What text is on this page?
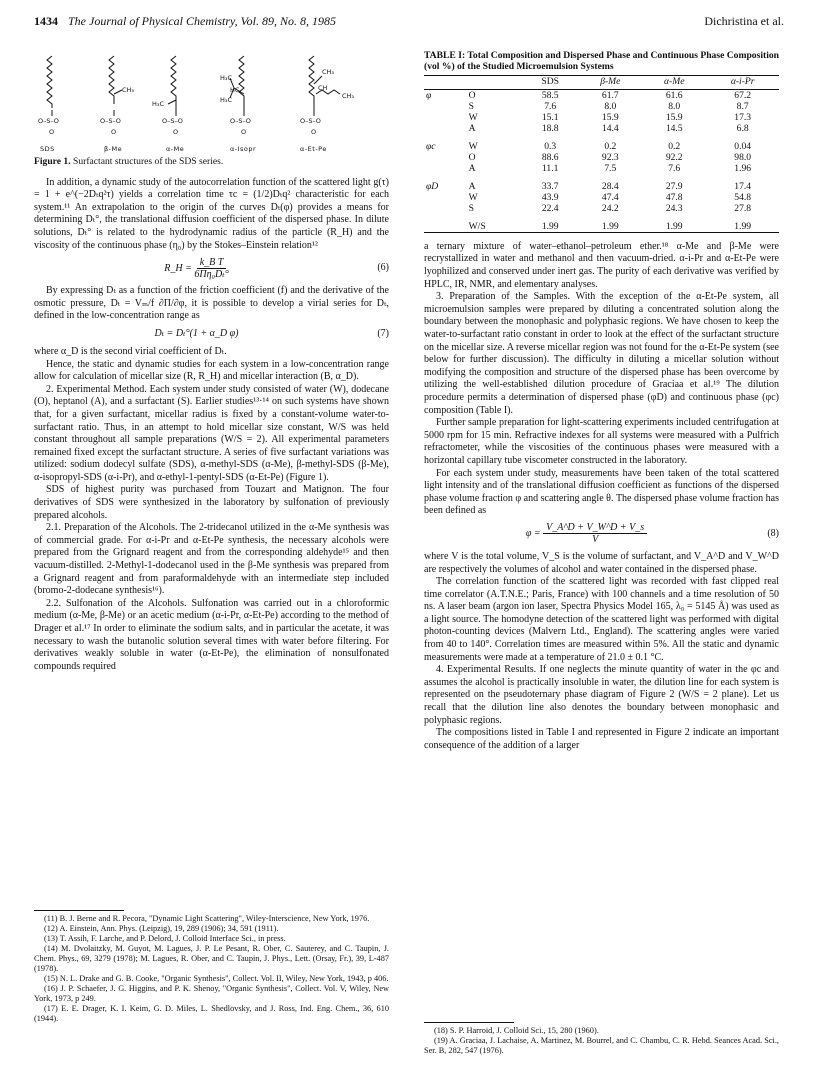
1434 The Journal of Physical Chemistry, Vol. 89, No. 8, 1985	Dichristina et al.
CH₃
H₃C
H₃C
HC
H₃C
CH₃
CH
CH₃
O–S–O	O–S–O	O–S–O	O–S–O	O–S–O
O	O	O	O	O
SDS	β-Me	α-Me	α-Isopr	α-Et-Pe

Figure 1. Surfactant structures of the SDS series.

In addition, a dynamic study of the autocorrelation function of the scattered light g(τ) = 1 + e^(−2Dₜq²τ) yields a correlation time τc = (1/2)Dₜq² characteristic for each system.¹¹ An extrapolation to the origin of the curves Dₜ(φ) provides a means for determining Dₜ°, the translational diffusion coefficient of the dispersed phase. In dilute solutions, Dₜ° is related to the hydrodynamic radius of the particle (R_H) and the viscosity of the continuous phase (η₀) by the Stokes–Einstein relation¹²

R_H = $\frac{\text{k\_B T}}{\text{6Πη₀Dₜ°}}$	(6)

By expressing Dₜ as a function of the friction coefficient (f) and the derivative of the osmotic pressure, Dₜ = Vₘ/f ∂Π/∂φ, it is possible to develop a virial series for Dₜ, defined in the low-concentration range as

Dₜ = Dₜ°(1 + α_D φ)	(7)

where α_D is the second virial coefficient of Dₜ.

Hence, the static and dynamic studies for each system in a low-concentration range allow for calculation of micellar size (R, R_H) and micellar interaction (B, α_D).

2. Experimental Method. Each system under study consisted of water (W), dodecane (O), heptanol (A), and a surfactant (S). Earlier studies¹³·¹⁴ on such systems have shown that, for a given surfactant, micellar radius is fixed by a constant-volume water-to-surfactant ratio. Thus, in an attempt to hold micellar size constant, W/S was held constant throughout all sample preparations (W/S = 2). All experimental parameters remained fixed except the surfactant structure. A series of five surfactant variations was utilized: sodium dodecyl sulfate (SDS), α-methyl-SDS (α-Me), β-methyl-SDS (β-Me), α-isopropyl-SDS (α-i-Pr), and α-ethyl-1-pentyl-SDS (α-Et-Pe) (Figure 1).

SDS of highest purity was purchased from Touzart and Matignon. The four derivatives of SDS were synthesized in the laboratory by sulfonation of previously prepared alcohols.

2.1. Preparation of the Alcohols. The 2-tridecanol utilized in the α-Me synthesis was of commercial grade. For α-i-Pr and α-Et-Pe synthesis, the necessary alcohols were prepared from the Grignard reagent and from the corresponding aldehyde¹⁵ and then vacuum-distilled. 2-Methyl-1-dodecanol used in the β-Me synthesis was prepared from a Grignard reagent and from paraformaldehyde with an intermediate step included (bromo-2-dodecane synthesis¹⁶).

2.2. Sulfonation of the Alcohols. Sulfonation was carried out in a chloroformic medium (α-Me, β-Me) or an acetic medium (α-i-Pr, α-Et-Pe) according to the method of Drager et al.¹⁷ In order to eliminate the sodium salts, and in particular the acetate, it was necessary to wash the butanolic solution several times with water before filtering. For derivatives weakly soluble in water (α-Et-Pe), the elimination of nonsulfonated compounds required

(11) B. J. Berne and R. Pecora, "Dynamic Light Scattering", Wiley-Interscience, New York, 1976.
(12) A. Einstein, Ann. Phys. (Leipzig), 19, 289 (1906); 34, 591 (1911).
(13) T. Assih, F. Larche, and P. Delord, J. Colloid Interface Sci., in press.
(14) M. Dvolaitzky, M. Guyot, M. Lagues, J. P. Le Pesant, R. Ober, C. Sauterey, and C. Taupin, J. Chem. Phys., 69, 3279 (1978); M. Lagues, R. Ober, and C. Taupin, J. Phys., Lett. (Orsay, Fr.), 39, L-487 (1978).
(15) N. L. Drake and G. B. Cooke, "Organic Synthesis", Collect. Vol. II, Wiley, New York, 1943, p 406.
(16) J. P. Schaefer, J. G. Higgins, and P. K. Shenoy, "Organic Synthesis", Collect. Vol. V, Wiley, New York, 1973, p 249.
(17) E. E. Drager, K. I. Keim, G. D. Miles, L. Shedlovsky, and J. Ross, Ind. Eng. Chem., 36, 610 (1944).
TABLE I: Total Composition and Dispersed Phase and Continuous Phase Composition (vol %) of the Studied Microemulsion Systems
		SDS	β-Me	α-Me	α-i-Pr
φ	O	58.5	61.7	61.6	67.2
	S	7.6	8.0	8.0	8.7
	W	15.1	15.9	15.9	17.3
	A	18.8	14.4	14.5	6.8
φc	W	0.3	0.2	0.2	0.04
	O	88.6	92.3	92.2	98.0
	A	11.1	7.5	7.6	1.96
φD	A	33.7	28.4	27.9	17.4
	W	43.9	47.4	47.8	54.8
	S	22.4	24.2	24.3	27.8
	W/S	1.99	1.99	1.99	1.99

a ternary mixture of water–ethanol–petroleum ether.¹⁸ α-Me and β-Me were recrystallized in water and methanol and then vacuum-dried. α-i-Pr and α-Et-Pe were lyophilized and conserved under inert gas. The purity of each derivative was verified by HPLC, IR, NMR, and elementary analyses.

3. Preparation of the Samples. With the exception of the α-Et-Pe system, all microemulsion samples were prepared by diluting a concentrated solution along the boundary between the monophasic and polyphasic regions. We have chosen to keep the water-to-surfactant ratio constant in order to look at the effect of the surfactant structure on the micellar size. A reverse micellar region was not found for the α-Et-Pe system (see below for further discussion). The difficulty in diluting a micellar solution without modifying the composition and structure of the dispersed phase has been overcome by utilizing the well-established dilution procedure of Graciaa et al.¹⁹ The dilution procedure permits a determination of dispersed phase (φD) and continuous phase (φc) composition (Table I).

Further sample preparation for light-scattering experiments included centrifugation at 5000 rpm for 15 min. Refractive indexes for all systems were measured with a Pulfrich refractometer, while the viscosities of the continuous phases were measured with a horizontal capillary tube viscometer constructed in the laboratory.

For each system under study, measurements have been taken of the total scattered light intensity and of the translational diffusion coefficient as functions of the dispersed phase volume fraction φ and scattering angle θ. The dispersed phase volume fraction has been defined as

$\varphi = \frac{V\_A\^{}D + V\_W\^{}D + V\_s}{V}$	(8)

where V is the total volume, V_S is the volume of surfactant, and V_A^D and V_W^D are respectively the volumes of alcohol and water contained in the dispersed phase.

The correlation function of the scattered light was recorded with fast clipped real time correlator (A.T.N.E.; Paris, France) with 100 channels and a time resolution of 50 ns. A laser beam (argon ion laser, Spectra Physics Model 165, λ₀ = 5145 Å) was used as a light source. The homodyne detection of the scattered light was performed with digital photon-counting devices (Malvern Ltd., England). The scattering angles were varied from 40 to 140°. Correlation times are measured within 5%. All the static and dynamic measurements were made at a temperature of 21.0 ± 0.1 °C.

4. Experimental Results. If one neglects the minute quantity of water in the φc and assumes the alcohol is practically insoluble in water, the dilution line for each system is represented on the pseudoternary phase diagram of Figure 2 (W/S = 2 plane). Let us recall that the dilution line also denotes the boundary between monophasic and polyphasic regions.

The compositions listed in Table I and represented in Figure 2 indicate an important consequence of the addition of a larger

(18) S. P. Harroid, J. Colloid Sci., 15, 280 (1960).
(19) A. Graciaa, J. Lachaise, A. Martinez, M. Bourrel, and C. Chambu, C. R. Hebd. Seances Acad. Sci., Ser. B, 282, 547 (1976).
